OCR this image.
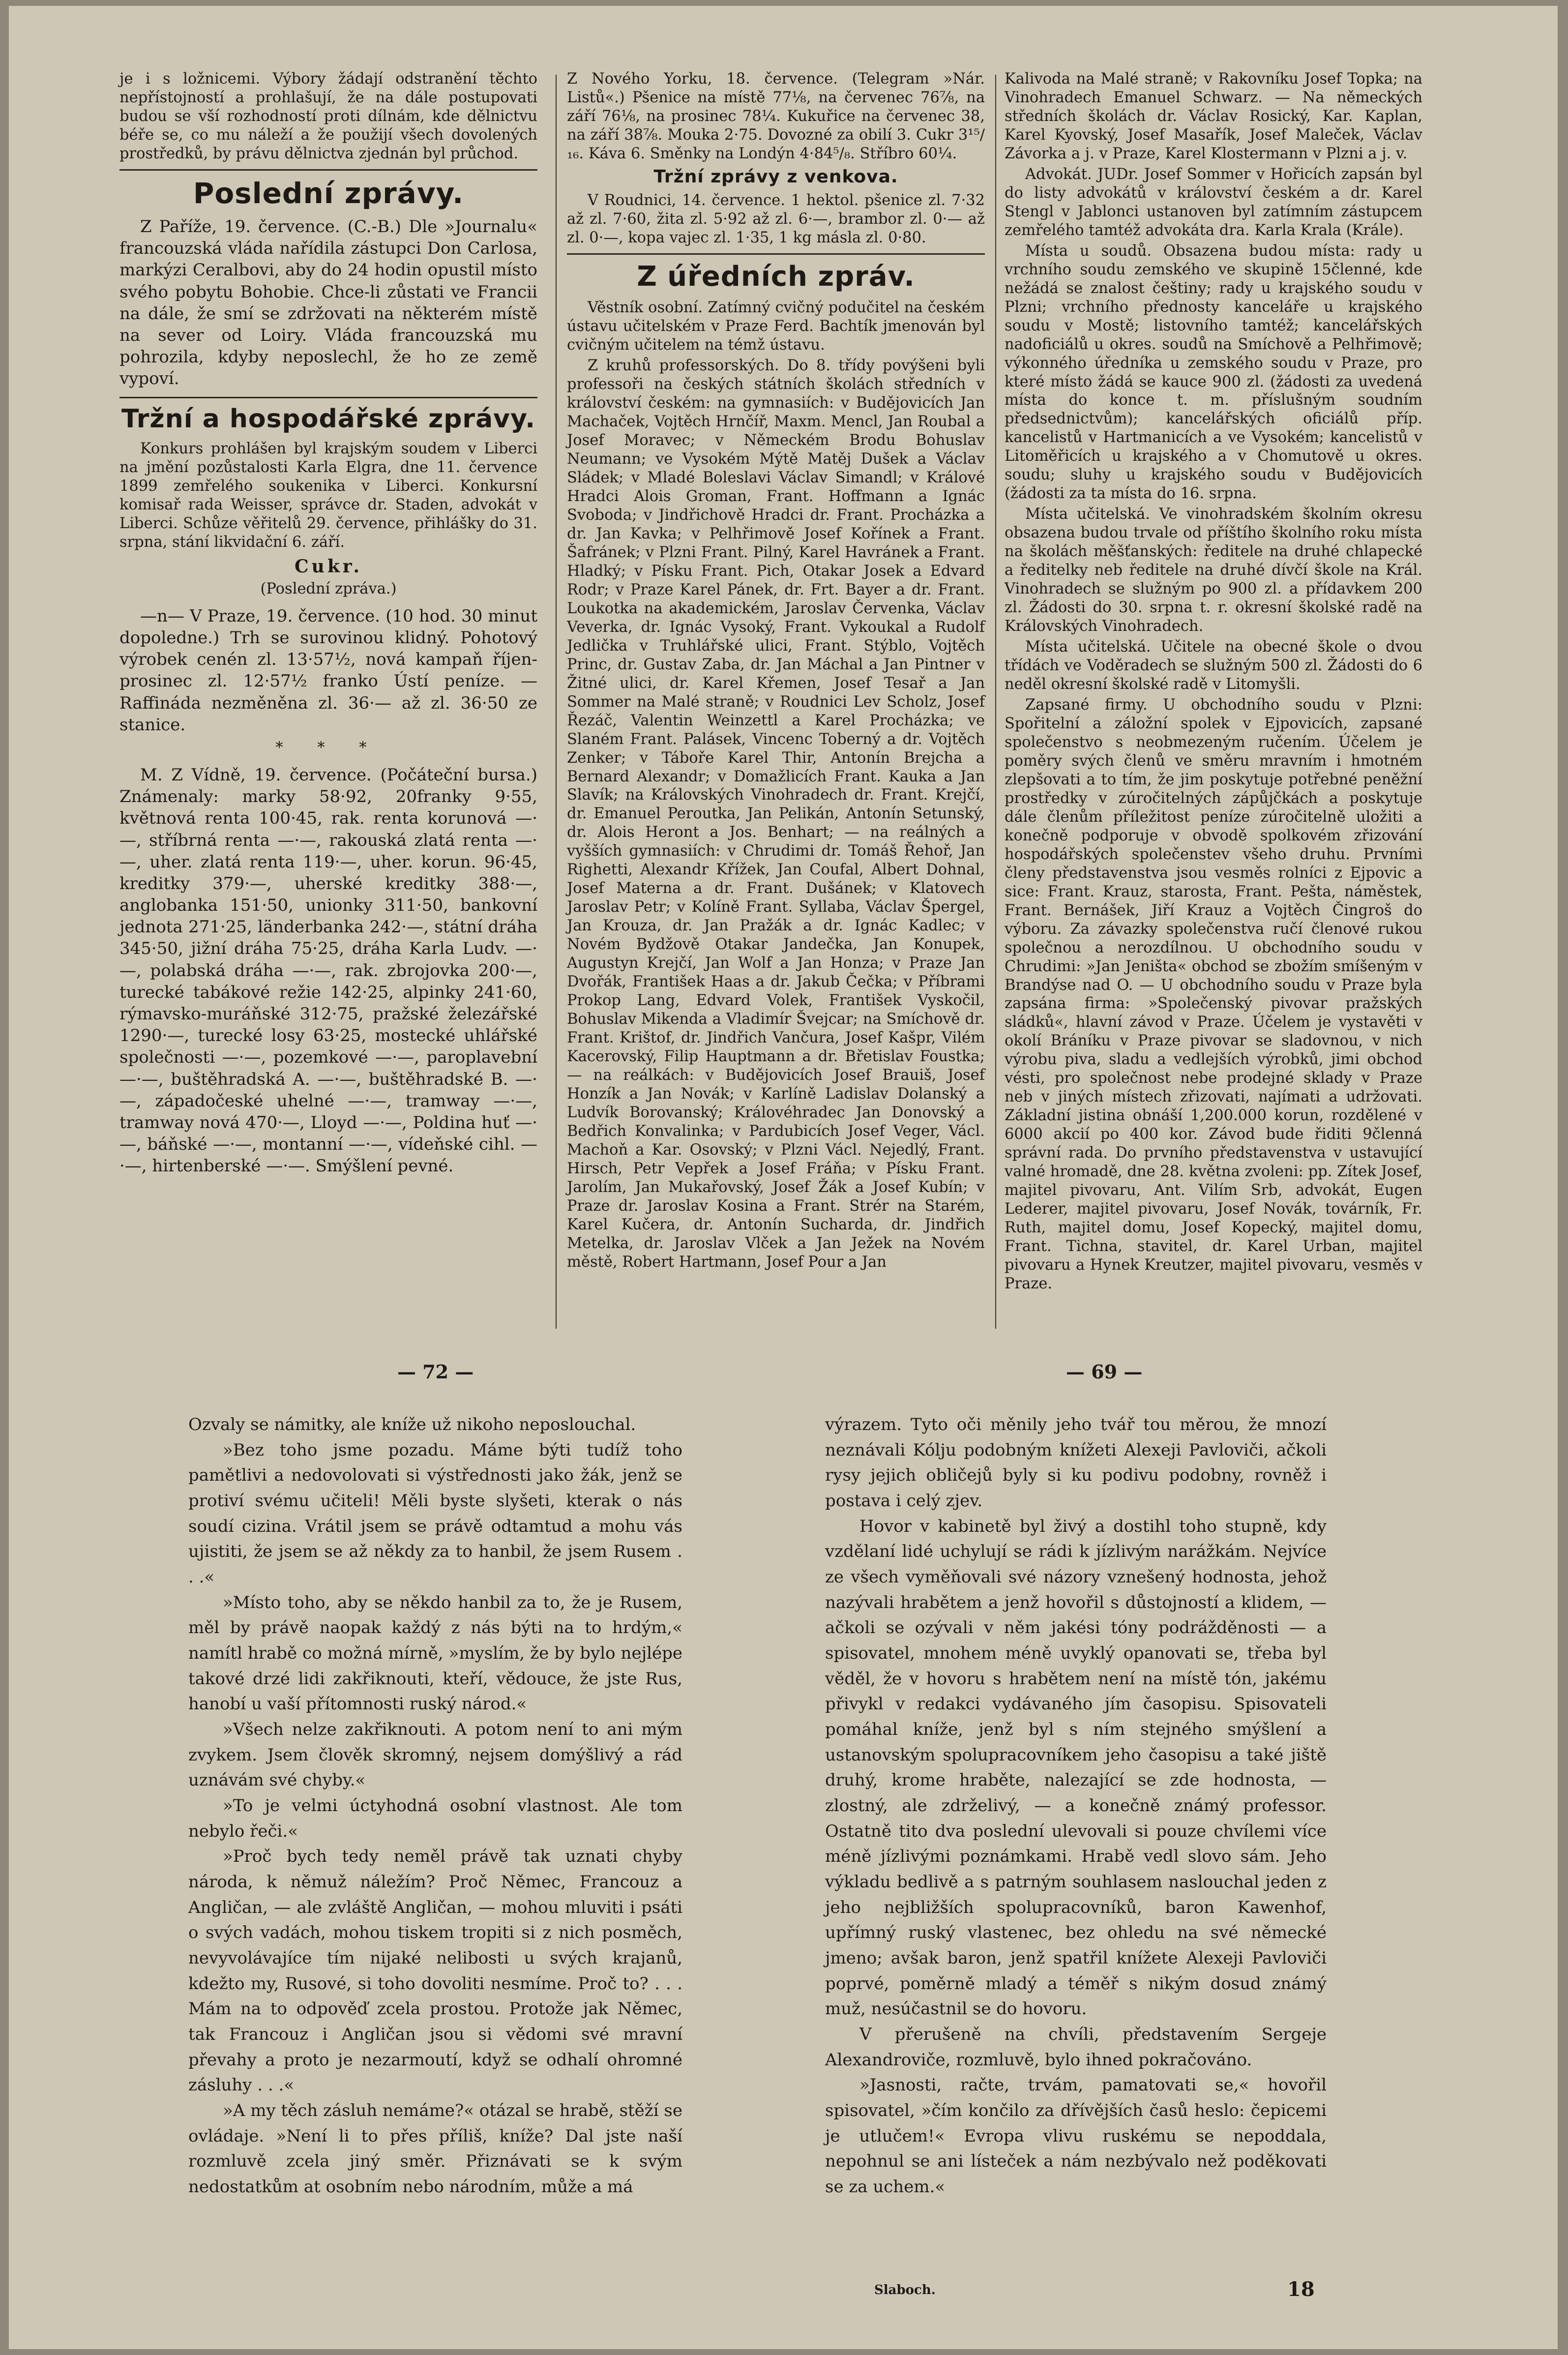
je i s ložnicemi. Výbory žádají odstranění těchto nepřístojností a prohlašují, že na dále postupovati budou se vší rozhodností proti dílnám, kde dělnictvu béře se, co mu náleží a že použijí všech dovolených prostředků, by právu dělnictva zjednán byl průchod.

Poslední zprávy.

Z Paříže, 19. července. (C.-B.) Dle »Journalu« francouzská vláda nařídila zástupci Don Carlosa, markýzi Ceralbovi, aby do 24 hodin opustil místo svého pobytu Bohobie. Chce-li zůstati ve Francii na dále, že smí se zdržovati na některém místě na sever od Loiry. Vláda francouzská mu pohrozila, kdyby neposlechl, že ho ze země vypoví.

Tržní a hospodářské zprávy.

Konkurs prohlášen byl krajským soudem v Liberci na jmění pozůstalosti Karla Elgra, dne 11. července 1899 zemřelého soukenika v Liberci. Konkursní komisař rada Weisser, správce dr. Staden, advokát v Liberci. Schůze věřitelů 29. července, přihlášky do 31. srpna, stání likvidační 6. září.

Cukr.
(Poslední zpráva.)

—n— V Praze, 19. července. (10 hod. 30 minut dopoledne.) Trh se surovinou klidný. Pohotový výrobek cenén zl. 13·57½, nová kampaň říjen-prosinec zl. 12·57½ franko Ústí peníze. — Raffináda nezměněna zl. 36·— až zl. 36·50 ze stanice.

* * *

M. Z Vídně, 19. července. (Počáteční bursa.) Známenaly: marky 58·92, 20franky 9·55, květnová renta 100·45, rak. renta korunová —·—, stříbrná renta —·—, rakouská zlatá renta —·—, uher. zlatá renta 119·—, uher. korun. 96·45, kreditky 379·—, uherské kreditky 388·—, anglobanka 151·50, unionky 311·50, bankovní jednota 271·25, länderbanka 242·—, státní dráha 345·50, jižní dráha 75·25, dráha Karla Ludv. —·—, polabská dráha —·—, rak. zbrojovka 200·—, turecké tabákové režie 142·25, alpinky 241·60, rýmavsko-muráňské 312·75, pražské železářské 1290·—, turecké losy 63·25, mostecké uhlářské společnosti —·—, pozemkové —·—, paroplavební —·—, buštěhradská A. —·—, buštěhradské B. —·—, západočeské uhelné —·—, tramway —·—, tramway nová 470·—, Lloyd —·—, Poldina huť —·—, báňské —·—, montanní —·—, vídeňské cihl. —·—, hirtenberské —·—. Smýšlení pevné.

Z Nového Yorku, 18. července. (Telegram »Nár. Listů«.) Pšenice na místě 77⅛, na červenec 76⅞, na září 76⅛, na prosinec 78¼. Kukuřice na červenec 38, na září 38⅞. Mouka 2·75. Dovozné za obilí 3. Cukr 3¹⁵/₁₆. Káva 6. Směnky na Londýn 4·84⁵/₈. Stříbro 60¼.

Tržní zprávy z venkova.

V Roudnici, 14. července. 1 hektol. pšenice zl. 7·32 až zl. 7·60, žita zl. 5·92 až zl. 6·—, brambor zl. 0·— až zl. 0·—, kopa vajec zl. 1·35, 1 kg másla zl. 0·80.

Z úředních zpráv.

Věstník osobní. Zatímný cvičný podučitel na českém ústavu učitelském v Praze Ferd. Bachtík jmenován byl cvičným učitelem na témž ústavu.

Z kruhů professorských. Do 8. třídy povýšeni byli professoři na českých státních školách středních v království českém: na gymnasiích: v Budějovicích Jan Machaček, Vojtěch Hrnčíř, Maxm. Mencl, Jan Roubal a Josef Moravec; v Německém Brodu Bohuslav Neumann; ve Vysokém Mýtě Matěj Dušek a Václav Sládek; v Mladé Boleslavi Václav Simandl; v Králové Hradci Alois Groman, Frant. Hoffmann a Ignác Svoboda; v Jindřichově Hradci dr. Frant. Procházka a dr. Jan Kavka; v Pelhřimově Josef Kořínek a Frant. Šafránek; v Plzni Frant. Pilný, Karel Havránek a Frant. Hladký; v Písku Frant. Pich, Otakar Josek a Edvard Rodr; v Praze Karel Pánek, dr. Frt. Bayer a dr. Frant. Loukotka na akademickém, Jaroslav Červenka, Václav Veverka, dr. Ignác Vysoký, Frant. Vykoukal a Rudolf Jedlička v Truhlářské ulici, Frant. Stýblo, Vojtěch Princ, dr. Gustav Zaba, dr. Jan Máchal a Jan Pintner v Žitné ulici, dr. Karel Křemen, Josef Tesař a Jan Sommer na Malé straně; v Roudnici Lev Scholz, Josef Řezáč, Valentin Weinzettl a Karel Procházka; ve Slaném Frant. Palásek, Vincenc Toberný a dr. Vojtěch Zenker; v Táboře Karel Thir, Antonín Brejcha a Bernard Alexandr; v Domažlicích Frant. Kauka a Jan Slavík; na Královských Vinohradech dr. Frant. Krejčí, dr. Emanuel Peroutka, Jan Pelikán, Antonín Setunský, dr. Alois Heront a Jos. Benhart; — na reálných a vyšších gymnasiích: v Chrudimi dr. Tomáš Řehoř, Jan Righetti, Alexandr Křížek, Jan Coufal, Albert Dohnal, Josef Materna a dr. Frant. Dušánek; v Klatovech Jaroslav Petr; v Kolíně Frant. Syllaba, Václav Špergel, Jan Krouza, dr. Jan Pražák a dr. Ignác Kadlec; v Novém Bydžově Otakar Jandečka, Jan Konupek, Augustyn Krejčí, Jan Wolf a Jan Honza; v Praze Jan Dvořák, František Haas a dr. Jakub Čečka; v Příbrami Prokop Lang, Edvard Volek, František Vyskočil, Bohuslav Mikenda a Vladimír Švejcar; na Smíchově dr. Frant. Krištof, dr. Jindřich Vančura, Josef Kašpr, Vilém Kacerovský, Filip Hauptmann a dr. Břetislav Foustka; — na reálkách: v Budějovicích Josef Brauiš, Josef Honzík a Jan Novák; v Karlíně Ladislav Dolanský a Ludvík Borovanský; Královéhradec Jan Donovský a Bedřich Konvalinka; v Pardubicích Josef Veger, Václ. Machoň a Kar. Osovský; v Plzni Václ. Nejedlý, Frant. Hirsch, Petr Vepřek a Josef Fráňa; v Písku Frant. Jarolím, Jan Mukařovský, Josef Žák a Josef Kubín; v Praze dr. Jaroslav Kosina a Frant. Strér na Starém, Karel Kučera, dr. Antonín Sucharda, dr. Jindřich Metelka, dr. Jaroslav Vlček a Jan Ježek na Novém městě, Robert Hartmann, Josef Pour a Jan

Kalivoda na Malé straně; v Rakovníku Josef Topka; na Vinohradech Emanuel Schwarz. — Na německých středních školách dr. Václav Rosický, Kar. Kaplan, Karel Kyovský, Josef Masařík, Josef Maleček, Václav Závorka a j. v Praze, Karel Klostermann v Plzni a j. v.

Advokát. JUDr. Josef Sommer v Hořicích zapsán byl do listy advokátů v království českém a dr. Karel Stengl v Jablonci ustanoven byl zatímním zástupcem zemřelého tamtéž advokáta dra. Karla Krala (Krále).

Místa u soudů. Obsazena budou místa: rady u vrchního soudu zemského ve skupině 15členné, kde nežádá se znalost češtiny; rady u krajského soudu v Plzni; vrchního přednosty kanceláře u krajského soudu v Mostě; listovního tamtéž; kancelářských nadoficiálů u okres. soudů na Smíchově a Pelhřimově; výkonného úředníka u zemského soudu v Praze, pro které místo žádá se kauce 900 zl. (žádosti za uvedená místa do konce t. m. příslušným soudním předsednictvům); kancelářských oficiálů příp. kancelistů v Hartmanicích a ve Vysokém; kancelistů v Litoměřicích u krajského a v Chomutově u okres. soudu; sluhy u krajského soudu v Budějovicích (žádosti za ta místa do 16. srpna.

Místa učitelská. Ve vinohradském školním okresu obsazena budou trvale od příštího školního roku místa na školách měšťanských: ředitele na druhé chlapecké a ředitelky neb ředitele na druhé dívčí škole na Král. Vinohradech se služným po 900 zl. a přídavkem 200 zl. Žádosti do 30. srpna t. r. okresní školské radě na Královských Vinohradech.

Místa učitelská. Učitele na obecné škole o dvou třídách ve Voděradech se služným 500 zl. Žádosti do 6 neděl okresní školské radě v Litomyšli.

Zapsané firmy. U obchodního soudu v Plzni: Spořitelní a záložní spolek v Ejpovicích, zapsané společenstvo s neobmezeným ručením. Účelem je poměry svých členů ve směru mravním i hmotném zlepšovati a to tím, že jim poskytuje potřebné peněžní prostředky v zúročitelných zápůjčkách a poskytuje dále členům příležitost peníze zúročitelně uložiti a konečně podporuje v obvodě spolkovém zřizování hospodářských společenstev všeho druhu. Prvními členy představenstva jsou vesměs rolníci z Ejpovic a sice: Frant. Krauz, starosta, Frant. Pešta, náměstek, Frant. Bernášek, Jiří Krauz a Vojtěch Čingroš do výboru. Za závazky společenstva ručí členové rukou společnou a nerozdílnou. U obchodního soudu v Chrudimi: »Jan Jeništa« obchod se zbožím smíšeným v Brandýse nad O. — U obchodního soudu v Praze byla zapsána firma: »Společenský pivovar pražských sládků«, hlavní závod v Praze. Účelem je vystavěti v okolí Bráníku v Praze pivovar se sladovnou, v nich výrobu piva, sladu a vedlejších výrobků, jimi obchod vésti, pro společnost nebe prodejné sklady v Praze neb v jiných místech zřizovati, najímati a udržovati. Základní jistina obnáší 1,200.000 korun, rozdělené v 6000 akcií po 400 kor. Závod bude řiditi 9členná správní rada. Do prvního představenstva v ustavující valné hromadě, dne 28. května zvoleni: pp. Zítek Josef, majitel pivovaru, Ant. Vilím Srb, advokát, Eugen Lederer, majitel pivovaru, Josef Novák, továrník, Fr. Ruth, majitel domu, Josef Kopecký, majitel domu, Frant. Tichna, stavitel, dr. Karel Urban, majitel pivovaru a Hynek Kreutzer, majitel pivovaru, vesměs v Praze.

— 72 —	— 69 —

Ozvaly se námitky, ale kníže už nikoho neposlouchal.

»Bez toho jsme pozadu. Máme býti tudíž toho pamětlivi a nedovolovati si výstřednosti jako žák, jenž se protiví svému učiteli! Měli byste slyšeti, kterak o nás soudí cizina. Vrátil jsem se právě odtamtud a mohu vás ujistiti, že jsem se až někdy za to hanbil, že jsem Rusem . . .«

»Místo toho, aby se někdo hanbil za to, že je Rusem, měl by právě naopak každý z nás býti na to hrdým,« namítl hrabě co možná mírně, »myslím, že by bylo nejlépe takové drzé lidi zakřiknouti, kteří, vědouce, že jste Rus, hanobí u vaší přítomnosti ruský národ.«

»Všech nelze zakřiknouti. A potom není to ani mým zvykem. Jsem člověk skromný, nejsem domýšlivý a rád uznávám své chyby.«

»To je velmi úctyhodná osobní vlastnost. Ale tom nebylo řeči.«

»Proč bych tedy neměl právě tak uznati chyby národa, k němuž náležím? Proč Němec, Francouz a Angličan, — ale zvláště Angličan, — mohou mluviti i psáti o svých vadách, mohou tiskem tropiti si z nich posměch, nevyvolávajíce tím nijaké nelibosti u svých krajanů, kdežto my, Rusové, si toho dovoliti nesmíme. Proč to? . . . Mám na to odpověď zcela prostou. Protože jak Němec, tak Francouz i Angličan jsou si vědomi své mravní převahy a proto je nezarmoutí, když se odhalí ohromné zásluhy . . .«

»A my těch zásluh nemáme?« otázal se hrabě, stěží se ovládaje. »Není li to přes příliš, kníže? Dal jste naší rozmluvě zcela jiný směr. Přiznávati se k svým nedostatkům at osobním nebo národním, může a má

výrazem. Tyto oči měnily jeho tvář tou měrou, že mnozí neznávali Kólju podobným knížeti Alexeji Pavloviči, ačkoli rysy jejich obličejů byly si ku podivu podobny, rovněž i postava i celý zjev.

Hovor v kabinetě byl živý a dostihl toho stupně, kdy vzdělaní lidé uchylují se rádi k jízlivým narážkám. Nejvíce ze všech vyměňovali své názory vznešený hodnosta, jehož nazývali hrabětem a jenž hovořil s důstojností a klidem, — ačkoli se ozývali v něm jakési tóny podrážděnosti — a spisovatel, mnohem méně uvyklý opanovati se, třeba byl věděl, že v hovoru s hrabětem není na místě tón, jakému přivykl v redakci vydávaného jím časopisu. Spisovateli pomáhal kníže, jenž byl s ním stejného smýšlení a ustanovským spolupracovníkem jeho časopisu a také jiště druhý, krome hraběte, nalezající se zde hodnosta, — zlostný, ale zdrželivý, — a konečně známý professor. Ostatně tito dva poslední ulevovali si pouze chvílemi více méně jízlivými poznámkami. Hrabě vedl slovo sám. Jeho výkladu bedlivě a s patrným souhlasem naslouchal jeden z jeho nejbližších spolupracovníků, baron Kawenhof, upřímný ruský vlastenec, bez ohledu na své německé jmeno; avšak baron, jenž spatřil knížete Alexeji Pavloviči poprvé, poměrně mladý a téměř s nikým dosud známý muž, nesúčastnil se do hovoru.

V přerušeně na chvíli, představením Sergeje Alexandroviče, rozmluvě, bylo ihned pokračováno.

»Jasnosti, račte, trvám, pamatovati se,« hovořil spisovatel, »čím končilo za dřívějších časů heslo: čepicemi je utlučem!« Evropa vlivu ruskému se nepoddala, nepohnul se ani lísteček a nám nezbývalo než poděkovati se za uchem.«

Slaboch.	18
